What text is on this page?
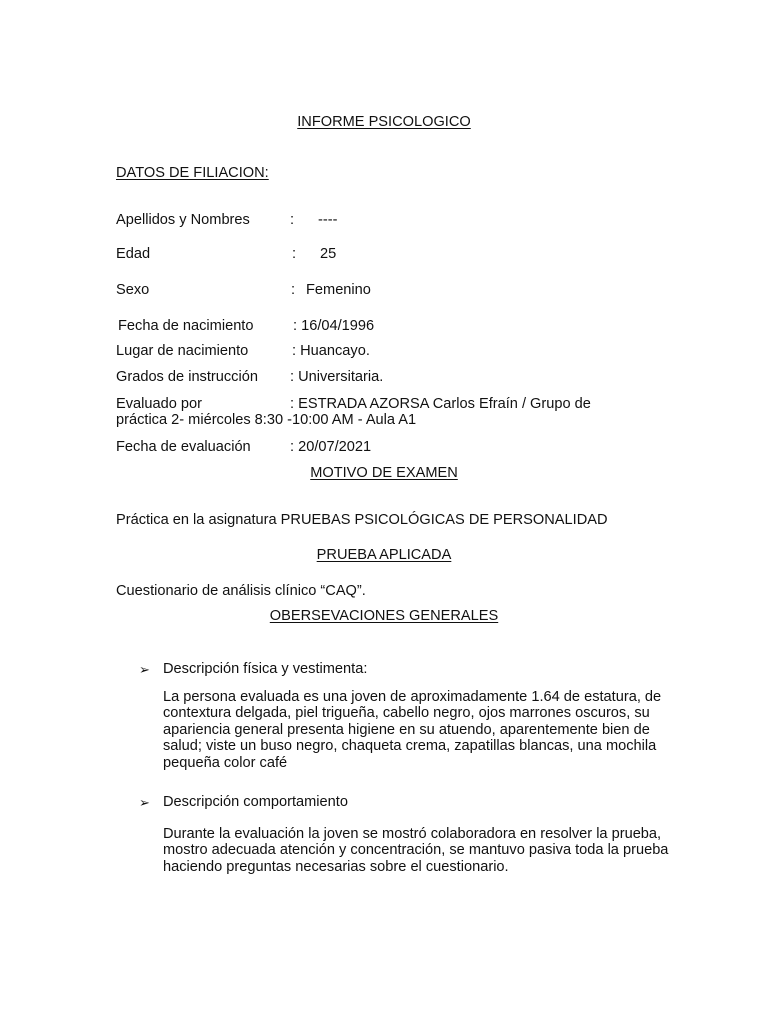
INFORME PSICOLOGICO
DATOS DE FILIACION:
Apellidos y Nombres	: ----
Edad	: 25
Sexo	: Femenino
Fecha de nacimiento	: 16/04/1996
Lugar de nacimiento	: Huancayo.
Grados de instrucción : Universitaria.
Evaluado por	: ESTRADA AZORSA Carlos Efraín / Grupo de
práctica 2- miércoles 8:30 -10:00 AM - Aula A1
Fecha de evaluación	: 20/07/2021
MOTIVO DE EXAMEN
Práctica en la asignatura PRUEBAS PSICOLÓGICAS DE PERSONALIDAD
PRUEBA APLICADA
Cuestionario de análisis clínico “CAQ”.
OBERSEVACIONES GENERALES
➢ Descripción física y vestimenta:
La persona evaluada es una joven de aproximadamente 1.64 de estatura, de
contextura delgada, piel trigueña, cabello negro, ojos marrones oscuros, su
apariencia general presenta higiene en su atuendo, aparentemente bien de
salud; viste un buso negro, chaqueta crema, zapatillas blancas, una mochila
pequeña color café
➢ Descripción comportamiento
Durante la evaluación la joven se mostró colaboradora en resolver la prueba,
mostro adecuada atención y concentración, se mantuvo pasiva toda la prueba
haciendo preguntas necesarias sobre el cuestionario.
